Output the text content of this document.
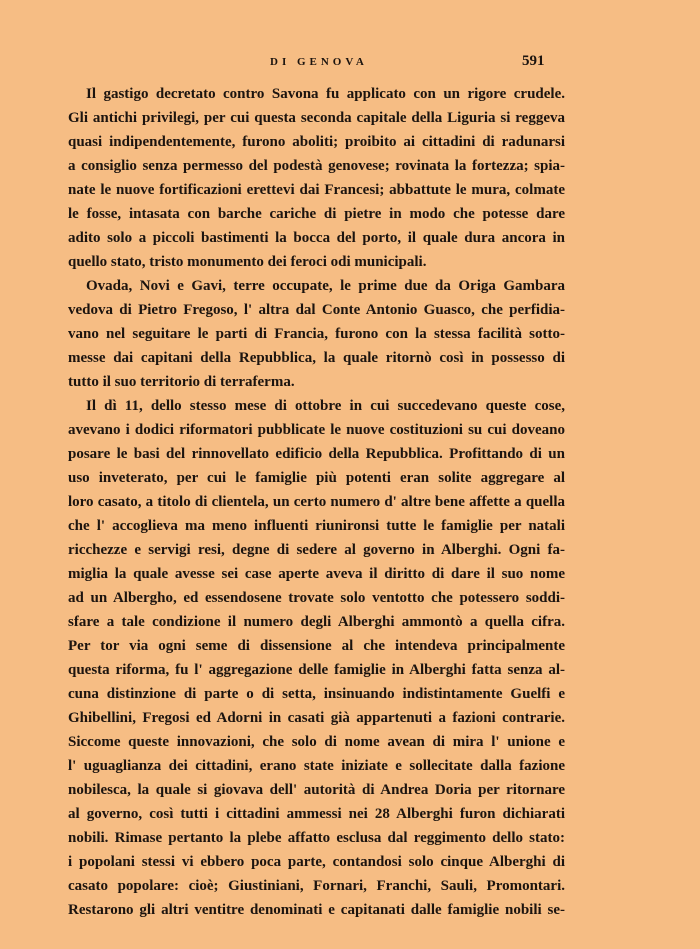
DI GENOVA	591
Il gastigo decretato contro Savona fu applicato con un rigore crudele.
Gli antichi privilegi, per cui questa seconda capitale della Liguria si reggeva
quasi indipendentemente, furono aboliti; proibito ai cittadini di radunarsi
a consiglio senza permesso del podestà genovese; rovinata la fortezza; spia-
nate le nuove fortificazioni erettevi dai Francesi; abbattute le mura, colmate
le fosse, intasata con barche cariche di pietre in modo che potesse dare
adito solo a piccoli bastimenti la bocca del porto, il quale dura ancora in
quello stato, tristo monumento dei feroci odi municipali.
Ovada, Novi e Gavi, terre occupate, le prime due da Origa Gambara
vedova di Pietro Fregoso, l' altra dal Conte Antonio Guasco, che perfidia-
vano nel seguitare le parti di Francia, furono con la stessa facilità sotto-
messe dai capitani della Repubblica, la quale ritornò così in possesso di
tutto il suo territorio di terraferma.
Il dì 11, dello stesso mese di ottobre in cui succedevano queste cose,
avevano i dodici riformatori pubblicate le nuove costituzioni su cui doveano
posare le basi del rinnovellato edificio della Repubblica. Profittando di un
uso inveterato, per cui le famiglie più potenti eran solite aggregare al
loro casato, a titolo di clientela, un certo numero d' altre bene affette a quella
che l' accoglieva ma meno influenti riunironsi tutte le famiglie per natali
ricchezze e servigi resi, degne di sedere al governo in Alberghi. Ogni fa-
miglia la quale avesse sei case aperte aveva il diritto di dare il suo nome
ad un Albergho, ed essendosene trovate solo ventotto che potessero soddi-
sfare a tale condizione il numero degli Alberghi ammontò a quella cifra.
Per tor via ogni seme di dissensione al che intendeva principalmente
questa riforma, fu l' aggregazione delle famiglie in Alberghi fatta senza al-
cuna distinzione di parte o di setta, insinuando indistintamente Guelfi e
Ghibellini, Fregosi ed Adorni in casati già appartenuti a fazioni contrarie.
Siccome queste innovazioni, che solo di nome avean di mira l' unione e
l' uguaglianza dei cittadini, erano state iniziate e sollecitate dalla fazione
nobilesca, la quale si giovava dell' autorità di Andrea Doria per ritornare
al governo, così tutti i cittadini ammessi nei 28 Alberghi furon dichiarati
nobili. Rimase pertanto la plebe affatto esclusa dal reggimento dello stato:
i popolani stessi vi ebbero poca parte, contandosi solo cinque Alberghi di
casato popolare: cioè; Giustiniani, Fornari, Franchi, Sauli, Promontari.
Restarono gli altri ventitre denominati e capitanati dalle famiglie nobili se-
